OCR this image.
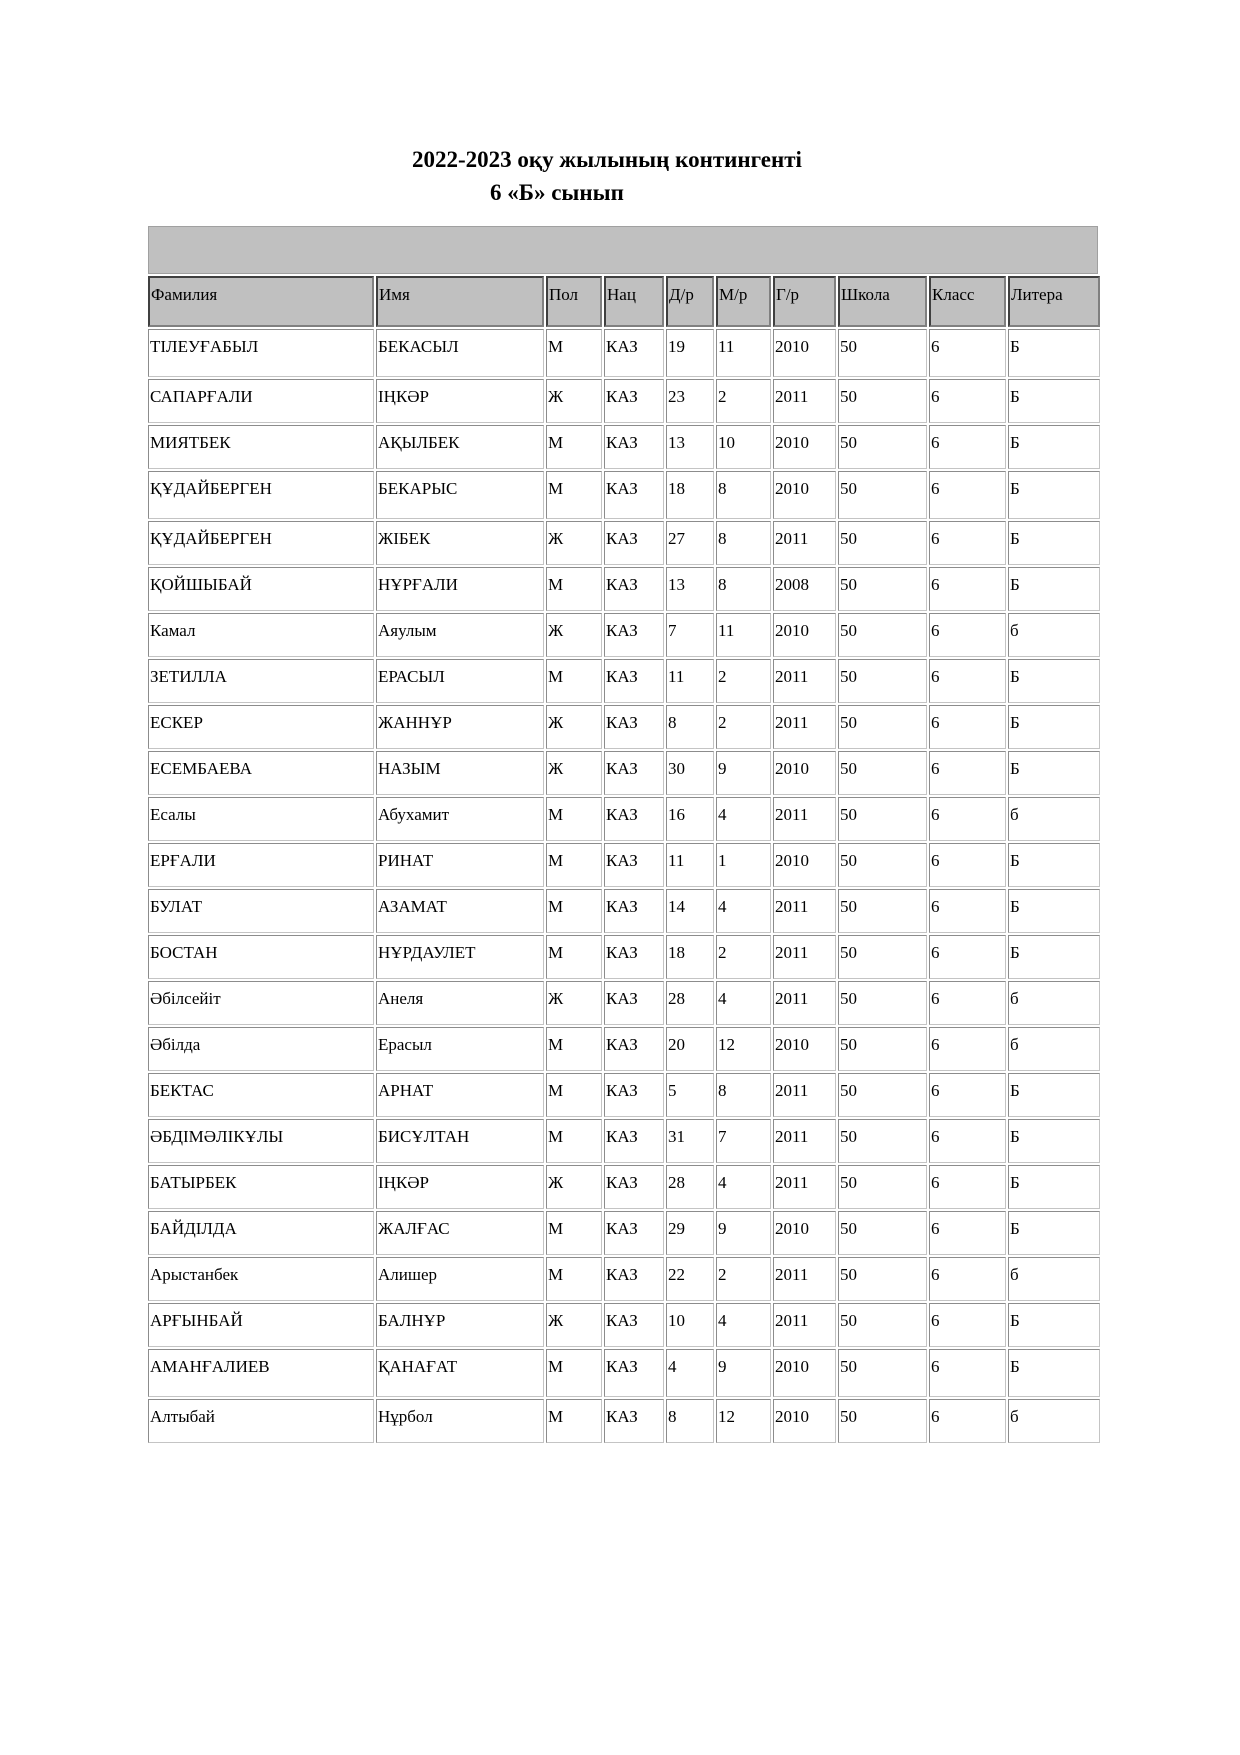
2022-2023 оқу жылының контингенті
6 «Б» сынып
Фамилия	Имя	Пол	Нац	Д/р	М/р	Г/р	Школа	Класс	Литера
ТІЛЕУҒАБЫЛ	БЕКАСЫЛ	М	КАЗ	19	11	2010	50	6	Б
САПАРҒАЛИ	ІҢКӘР	Ж	КАЗ	23	2	2011	50	6	Б
МИЯТБЕК	АҚЫЛБЕК	М	КАЗ	13	10	2010	50	6	Б
ҚҰДАЙБЕРГЕН	БЕКАРЫС	М	КАЗ	18	8	2010	50	6	Б
ҚҰДАЙБЕРГЕН	ЖІБЕК	Ж	КАЗ	27	8	2011	50	6	Б
ҚОЙШЫБАЙ	НҰРҒАЛИ	М	КАЗ	13	8	2008	50	6	Б
Камал	Аяулым	Ж	КАЗ	7	11	2010	50	6	б
ЗЕТИЛЛА	ЕРАСЫЛ	М	КАЗ	11	2	2011	50	6	Б
ЕСКЕР	ЖАННҰР	Ж	КАЗ	8	2	2011	50	6	Б
ЕСЕМБАЕВА	НАЗЫМ	Ж	КАЗ	30	9	2010	50	6	Б
Есалы	Абухамит	М	КАЗ	16	4	2011	50	6	б
ЕРҒАЛИ	РИНАТ	М	КАЗ	11	1	2010	50	6	Б
БУЛАТ	АЗАМАТ	М	КАЗ	14	4	2011	50	6	Б
БОСТАН	НҰРДАУЛЕТ	М	КАЗ	18	2	2011	50	6	Б
Әбілсейіт	Анеля	Ж	КАЗ	28	4	2011	50	6	б
Әбілда	Ерасыл	М	КАЗ	20	12	2010	50	6	б
БЕКТАС	АРНАТ	М	КАЗ	5	8	2011	50	6	Б
ӘБДІМӘЛІКҰЛЫ	БИСҰЛТАН	М	КАЗ	31	7	2011	50	6	Б
БАТЫРБЕК	ІҢКӘР	Ж	КАЗ	28	4	2011	50	6	Б
БАЙДІЛДА	ЖАЛҒАС	М	КАЗ	29	9	2010	50	6	Б
Арыстанбек	Алишер	М	КАЗ	22	2	2011	50	6	б
АРҒЫНБАЙ	БАЛНҰР	Ж	КАЗ	10	4	2011	50	6	Б
АМАНҒАЛИЕВ	ҚАНАҒАТ	М	КАЗ	4	9	2010	50	6	Б
Алтыбай	Нұрбол	М	КАЗ	8	12	2010	50	6	б
